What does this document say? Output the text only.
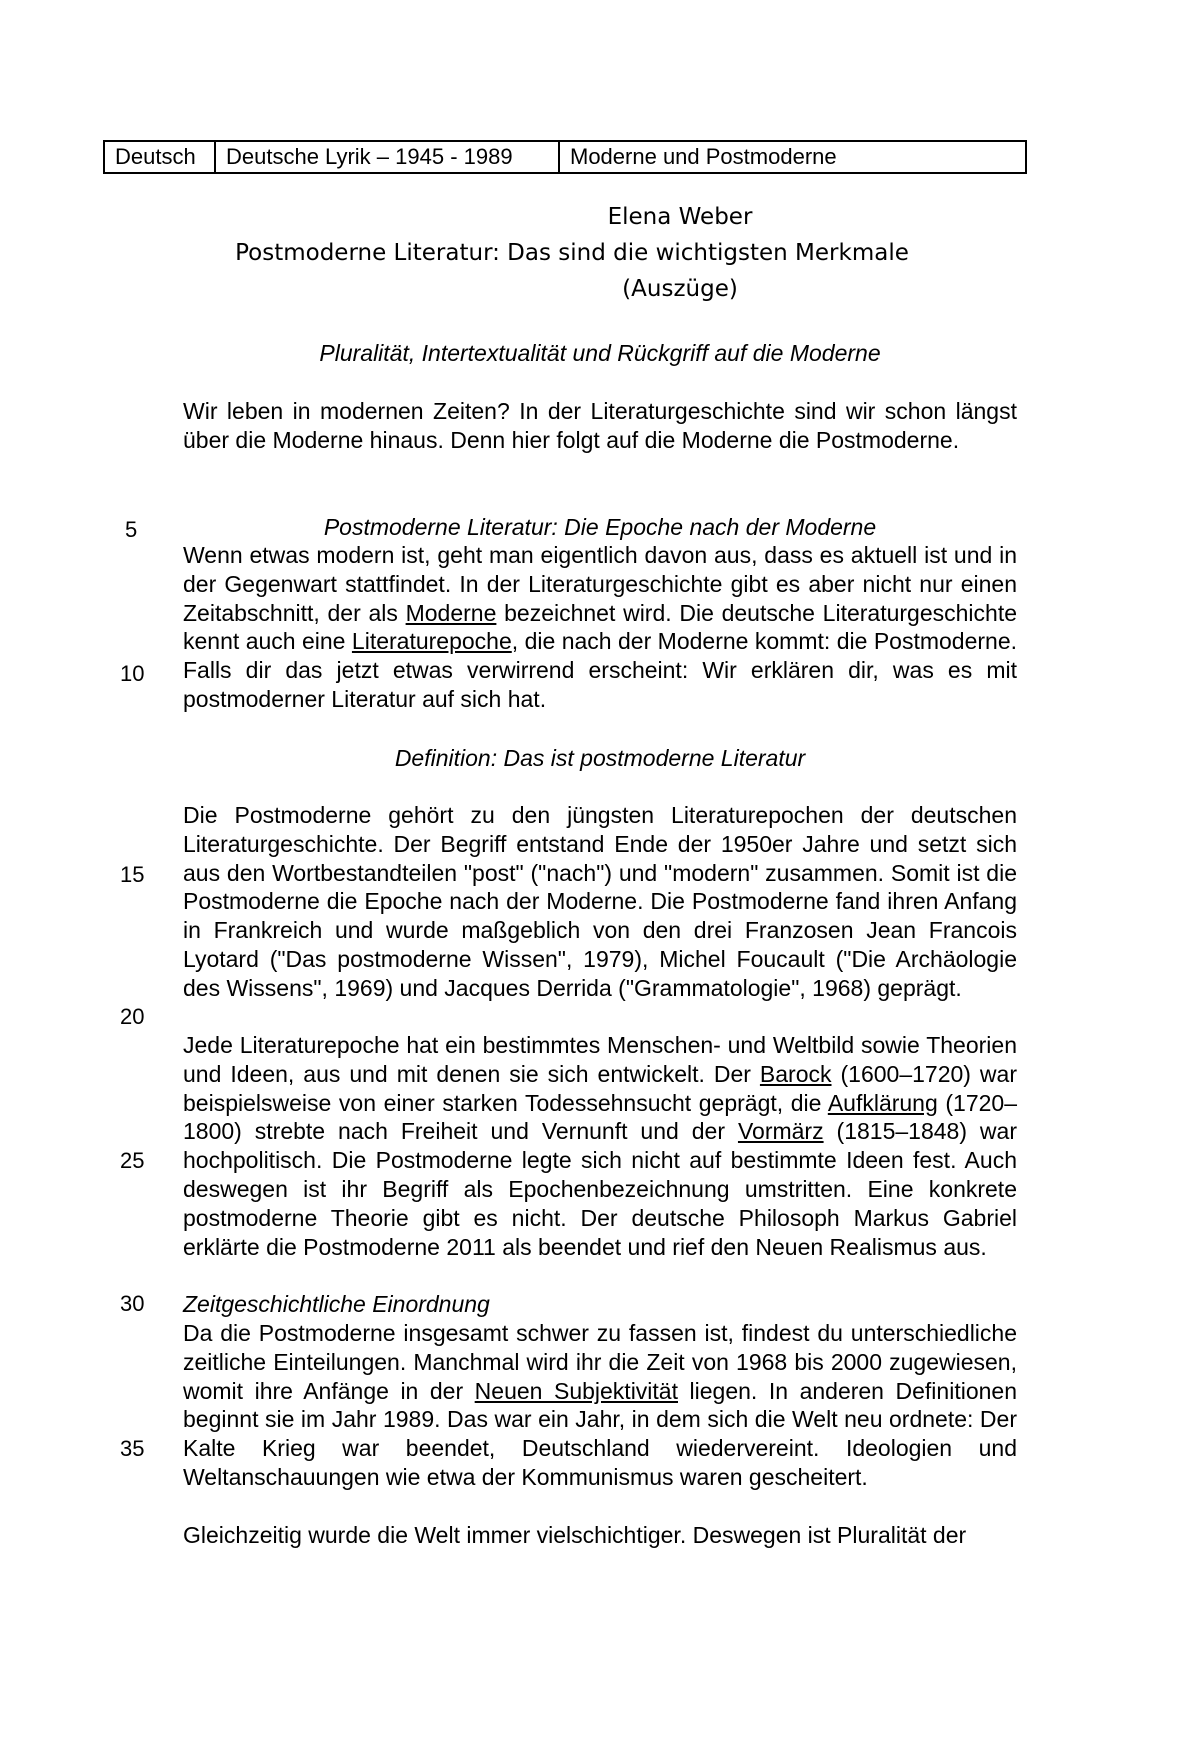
Deutsch	Deutsche Lyrik – 1945 - 1989	Moderne und Postmoderne
Elena Weber
Postmoderne Literatur: Das sind die wichtigsten Merkmale
(Auszüge)
Pluralität, Intertextualität und Rückgriff auf die Moderne
Postmoderne Literatur: Die Epoche nach der Moderne
Definition: Das ist postmoderne Literatur

Wir leben in modernen Zeiten? In der Literaturgeschichte sind wir schon längst über die Moderne hinaus. Denn hier folgt auf die Moderne die Postmoderne.

Wenn etwas modern ist, geht man eigentlich davon aus, dass es aktuell ist und in der Gegenwart stattfindet. In der Literaturgeschichte gibt es aber nicht nur einen Zeitabschnitt, der als Moderne bezeichnet wird. Die deutsche Literaturgeschichte kennt auch eine Literaturepoche, die nach der Moderne kommt: die Postmoderne. Falls dir das jetzt etwas verwirrend erscheint: Wir erklären dir, was es mit postmoderner Literatur auf sich hat.

Die Postmoderne gehört zu den jüngsten Literaturepochen der deutschen Literaturgeschichte. Der Begriff entstand Ende der 1950er Jahre und setzt sich aus den Wortbestandteilen "post" ("nach") und "modern" zusammen. Somit ist die Postmoderne die Epoche nach der Moderne. Die Postmoderne fand ihren Anfang in Frankreich und wurde maßgeblich von den drei Franzosen Jean Francois Lyotard ("Das postmoderne Wissen", 1979), Michel Foucault ("Die Archäologie des Wissens", 1969) und Jacques Derrida ("Grammatologie", 1968) geprägt.

Jede Literaturepoche hat ein bestimmtes Menschen- und Weltbild sowie Theorien und Ideen, aus und mit denen sie sich entwickelt. Der Barock (1600–1720) war beispielsweise von einer starken Todessehnsucht geprägt, die Aufklärung (1720–1800) strebte nach Freiheit und Vernunft und der Vormärz (1815–1848) war hochpolitisch. Die Postmoderne legte sich nicht auf bestimmte Ideen fest. Auch deswegen ist ihr Begriff als Epochenbezeichnung umstritten. Eine konkrete postmoderne Theorie gibt es nicht. Der deutsche Philosoph Markus Gabriel erklärte die Postmoderne 2011 als beendet und rief den Neuen Realismus aus.

Zeitgeschichtliche Einordnung

Da die Postmoderne insgesamt schwer zu fassen ist, findest du unterschiedliche zeitliche Einteilungen. Manchmal wird ihr die Zeit von 1968 bis 2000 zugewiesen, womit ihre Anfänge in der Neuen Subjektivität liegen. In anderen Definitionen beginnt sie im Jahr 1989. Das war ein Jahr, in dem sich die Welt neu ordnete: Der Kalte Krieg war beendet, Deutschland wiedervereint. Ideologien und Weltanschauungen wie etwa der Kommunismus waren gescheitert.

Gleichzeitig wurde die Welt immer vielschichtiger. Deswegen ist Pluralität der

5
10
15
20
25
30
35
